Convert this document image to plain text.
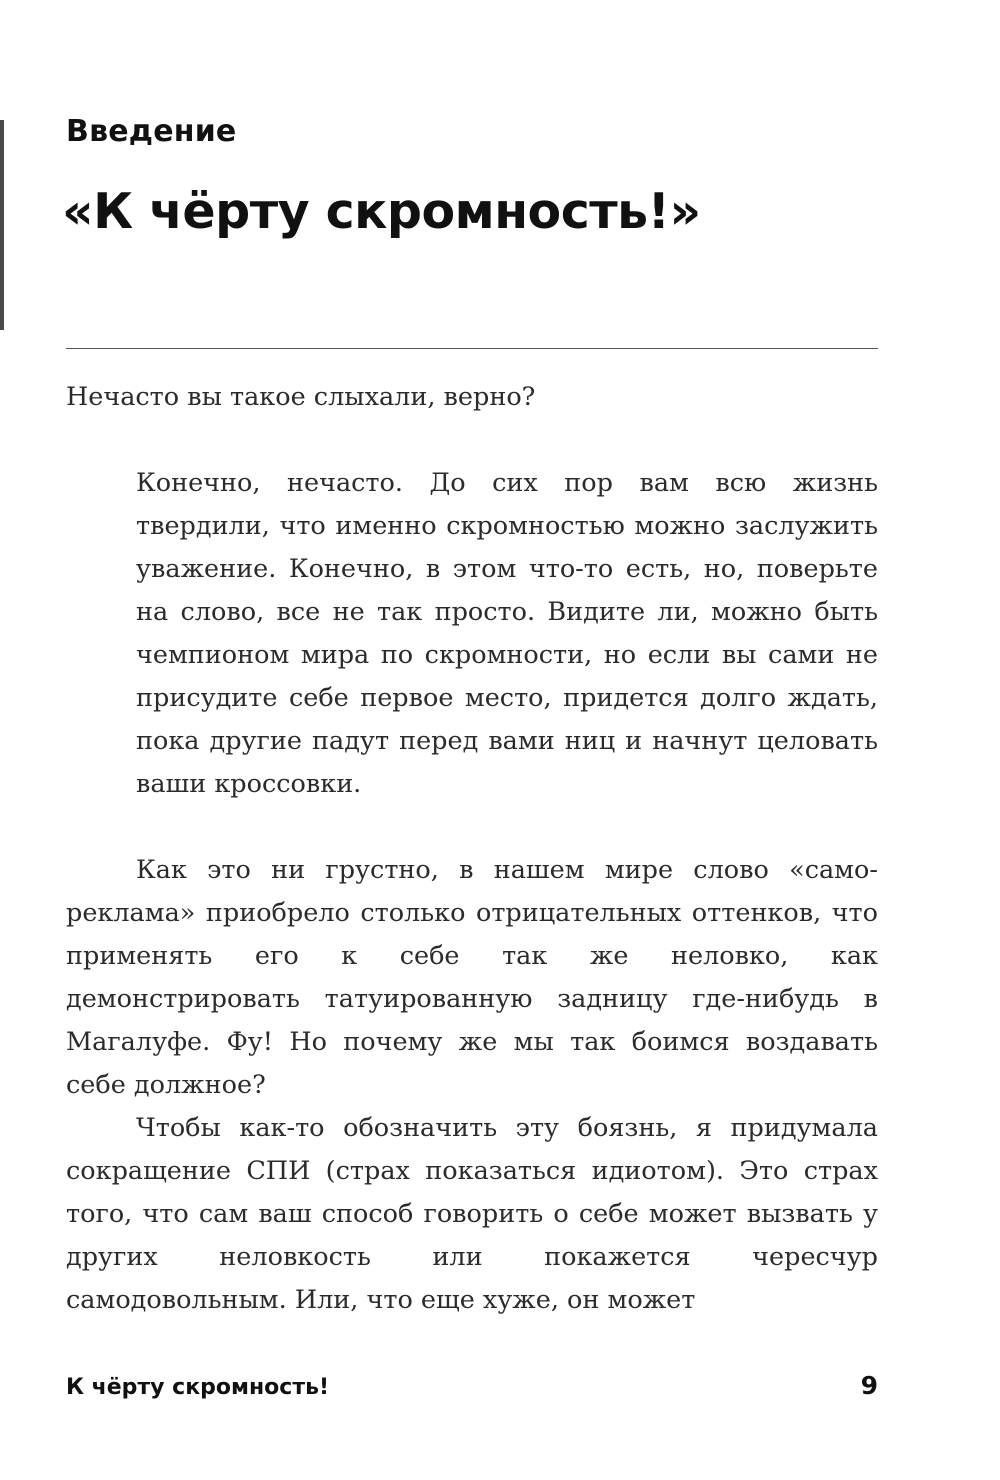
Введение
«К чёрту скромность!»

Нечасто вы такое слыхали, верно?

Конечно, нечасто. До сих пор вам всю жизнь твердили, что именно скромностью можно заслужить уважение. Конечно, в этом что-то есть, но, поверьте на слово, все не так просто. Видите ли, можно быть чемпионом мира по скромности, но если вы сами не присудите себе первое место, придется долго ждать, пока другие падут перед вами ниц и начнут целовать ваши кроссовки.

Как это ни грустно, в нашем мире слово «самореклама» приобрело столько отрицательных оттенков, что применять его к себе так же неловко, как демонстрировать татуированную задницу где-нибудь в Магалуфе. Фу! Но почему же мы так боимся воздавать себе должное?

Чтобы как-то обозначить эту боязнь, я придумала сокращение СПИ (страх показаться идиотом). Это страх того, что сам ваш способ говорить о себе может вызвать у других неловкость или покажется чересчур самодовольным. Или, что еще хуже, он может

К чёрту скромность!	9
